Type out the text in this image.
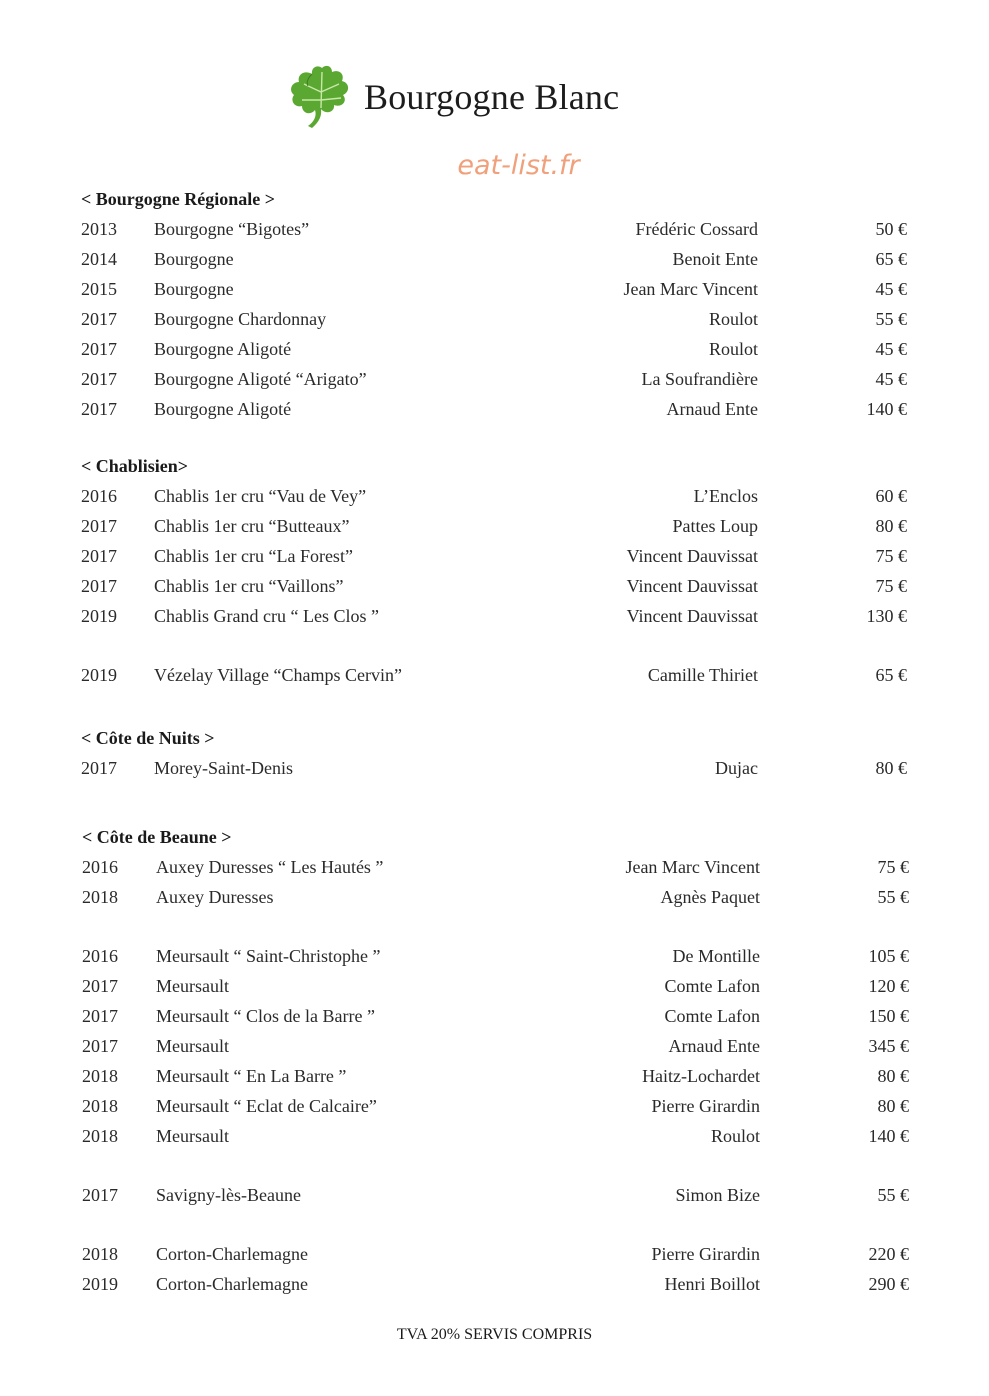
Bourgogne Blanc
eat-list.fr
< Bourgogne Régionale >
2013 Bourgogne “Bigotes”	Frédéric Cossard	50 €
2014 Bourgogne	Benoit Ente	65 €
2015 Bourgogne	Jean Marc Vincent	45 €
2017 Bourgogne Chardonnay	Roulot	55 €
2017 Bourgogne Aligoté	Roulot	45 €
2017 Bourgogne Aligoté “Arigato”	La Soufrandière	45 €
2017 Bourgogne Aligoté	Arnaud Ente	140 €
< Chablisien>
2016 Chablis 1er cru “Vau de Vey”	L’Enclos	60 €
2017 Chablis 1er cru “Butteaux”	Pattes Loup	80 €
2017 Chablis 1er cru “La Forest”	Vincent Dauvissat	75 €
2017 Chablis 1er cru “Vaillons”	Vincent Dauvissat	75 €
2019 Chablis Grand cru “ Les Clos ”	Vincent Dauvissat	130 €
2019 Vézelay Village “Champs Cervin”	Camille Thiriet	65 €
< Côte de Nuits >
2017 Morey-Saint-Denis	Dujac	80 €
< Côte de Beaune >
2016 Auxey Duresses “ Les Hautés ”	Jean Marc Vincent	75 €
2018 Auxey Duresses	Agnès Paquet	55 €
2016 Meursault “ Saint-Christophe ”	De Montille	105 €
2017 Meursault	Comte Lafon	120 €
2017 Meursault “ Clos de la Barre ”	Comte Lafon	150 €
2017 Meursault	Arnaud Ente	345 €
2018 Meursault “ En La Barre ”	Haitz-Lochardet	80 €
2018 Meursault “ Eclat de Calcaire”	Pierre Girardin	80 €
2018 Meursault	Roulot	140 €
2017 Savigny-lès-Beaune	Simon Bize	55 €
2018 Corton-Charlemagne	Pierre Girardin	220 €
2019 Corton-Charlemagne	Henri Boillot	290 €
TVA 20% SERVIS COMPRIS
